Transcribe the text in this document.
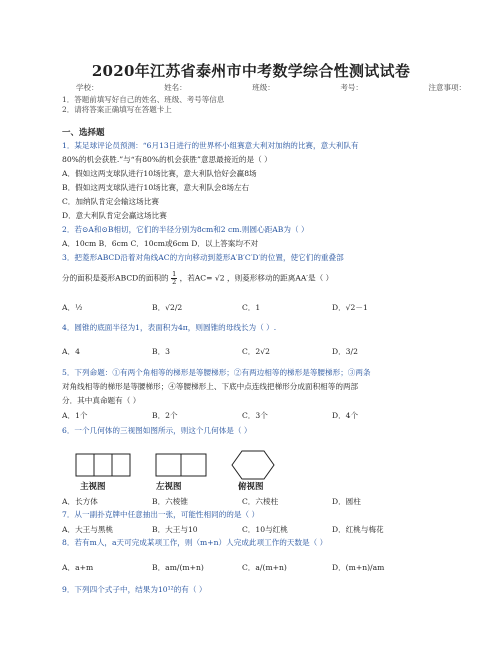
2020年江苏省泰州市中考数学综合性测试试卷
学校：	姓名：	班级：	考号：	注意事项：
1．答题前填写好自己的姓名、班级、考号等信息
2．请将答案正确填写在答题卡上
一、选择题
1．某足球评论员预测：“6月13日进行的世界杯小组赛意大利对加纳的比赛，意大利队有
80%的机会获胜.”与“有80%的机会获胜”意思最接近的是（ ）
A．假如这两支球队进行10场比赛，意大利队恰好会赢8场
B．假如这两支球队进行10场比赛，意大利队会8场左右
C．加纳队肯定会输这场比赛
D．意大利队肯定会赢这场比赛
2．若⊙A和⊙B相切，它们的半径分别为8cm和2 cm.则圆心距AB为（ ）
A．10cm B．6cm C．10cm或6cm D．以上答案均不对
3．把菱形ABCD沿着对角线AC的方向移动到菱形A′B′C′D′的位置，使它们的重叠部
分的面积是菱形ABCD的面积的 $\frac{1}{2}$ ，若AC= √2 ，则菱形移动的距离AA′是（ ）
A．½	B．√2/2	C．1	D．√2－1
4．圆锥的底面半径为1，表面积为4π，则圆锥的母线长为（ ）.
A．4	B．3	C．2√2	D．3/2
5．下列命题：①有两个角相等的梯形是等腰梯形；②有两边相等的梯形是等腰梯形；③两条
对角线相等的梯形是等腰梯形；④等腰梯形上、下底中点连线把梯形分成面积相等的两部
分．其中真命题有（ ）
A．1个	B．2个	C．3个	D．4个
6．一个几何体的三视图如图所示，则这个几何体是（ ）
主视图	左视图	俯视图
A．长方体	B．六棱锥	C．六棱柱	D．圆柱
7．从一副扑克牌中任意抽出一张，可能性相同的的是（ ）
A．大王与黑桃	B．大王与10	C．10与红桃	D．红桃与梅花
8．若有m人，a天可完成某项工作，则（m+n）人完成此项工作的天数是（ ）
A．a+m	B．am/(m+n)	C．a/(m+n)	D．(m+n)/am
9．下列四个式子中，结果为10¹²的有（ ）
